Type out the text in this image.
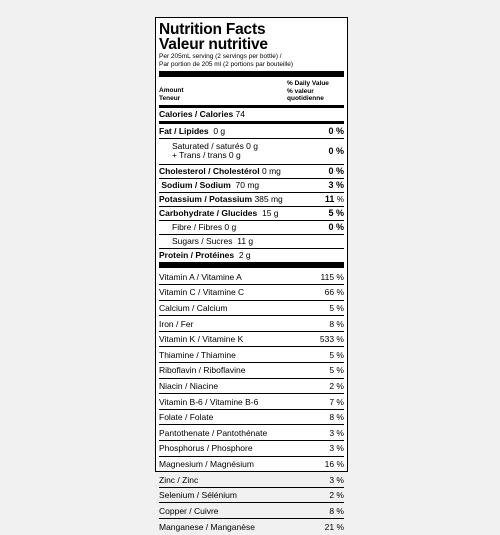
Nutrition Facts
Valeur nutritive
Per 205mL serving (2 servings per bottle) /
Par portion de 205 ml (2 portions par bouteille)
Amount
Teneur
% Daily Value
% valeur
quotidienne
Calories / Calories 74
Fat / Lipides 0 g	0 %
Saturated / saturés 0 g
+ Trans / trans 0 g	0 %
Cholesterol / Cholestérol 0 mg	0 %
Sodium / Sodium 70 mg	3 %
Potassium / Potassium 385 mg	11 %
Carbohydrate / Glucides 15 g	5 %
Fibre / Fibres 0 g	0 %
Sugars / Sucres 11 g
Protein / Protéines 2 g
Vitamin A / Vitamine A	115 %
Vitamin C / Vitamine C	66 %
Calcium / Calcium	5 %
Iron / Fer	8 %
Vitamin K / Vitamine K	533 %
Thiamine / Thiamine	5 %
Riboflavin / Riboflavine	5 %
Niacin / Niacine	2 %
Vitamin B-6 / Vitamine B-6	7 %
Folate / Folate	8 %
Pantothenate / Pantothénate	3 %
Phosphorus / Phosphore	3 %
Magnesium / Magnésium	16 %
Zinc / Zinc	3 %
Selenium / Sélénium	2 %
Copper / Cuivre	8 %
Manganese / Manganèse	21 %
